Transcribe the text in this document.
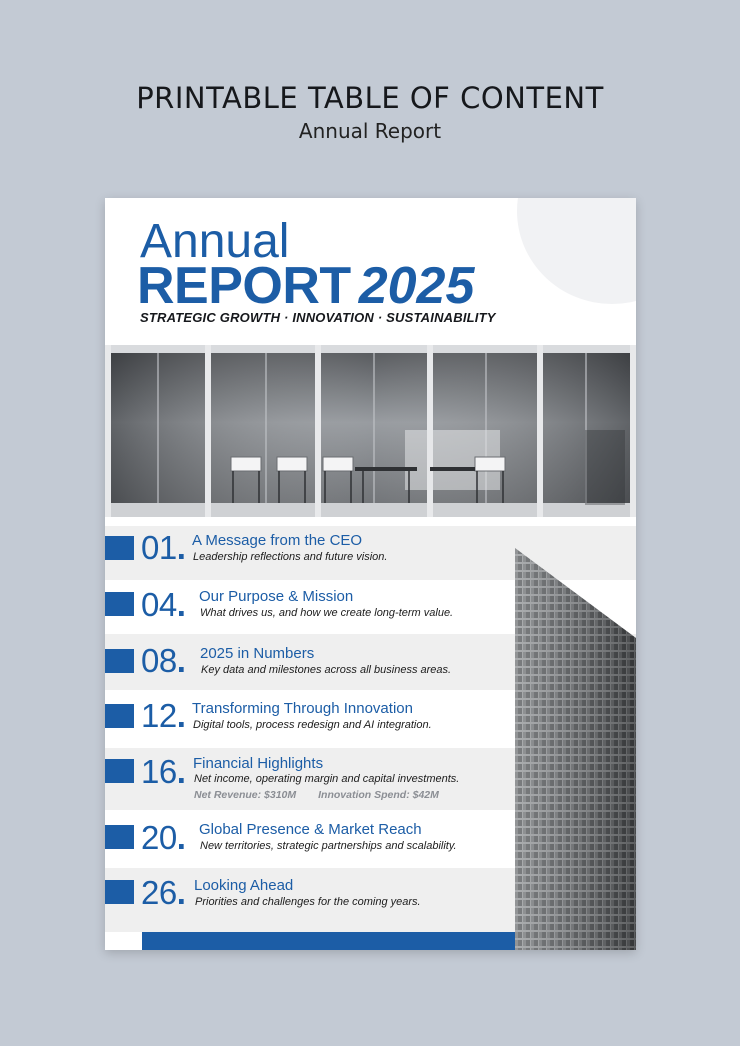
PRINTABLE TABLE OF CONTENT
Annual Report
Annual
REPORT 2025
STRATEGIC GROWTH · INNOVATION · SUSTAINABILITY
01. A Message from the CEO
Leadership reflections and future vision.
04. Our Purpose & Mission
What drives us, and how we create long-term value.
08. 2025 in Numbers
Key data and milestones across all business areas.
12. Transforming Through Innovation
Digital tools, process redesign and AI integration.
16. Financial Highlights
Net income, operating margin and capital investments.
Net Revenue: $310M Innovation Spend: $42M
20. Global Presence & Market Reach
New territories, strategic partnerships and scalability.
26. Looking Ahead
Priorities and challenges for the coming years.
